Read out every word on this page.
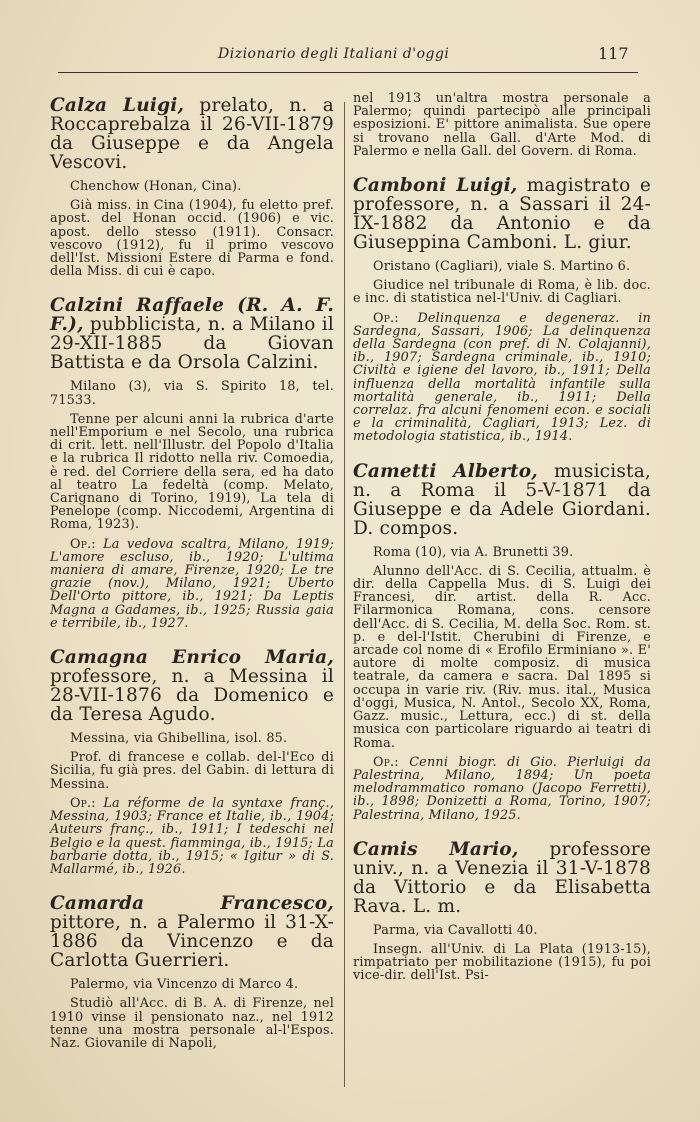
Dizionario degli Italiani d'oggi	117

Calza Luigi, prelato, n. a Roccaprebalza il 26-VII-1879 da Giuseppe e da Angela Vescovi.

Chenchow (Honan, Cina).

Già miss. in Cina (1904), fu eletto pref. apost. del Honan occid. (1906) e vic. apost. dello stesso (1911). Consacr. vescovo (1912), fu il primo vescovo dell'Ist. Missioni Estere di Parma e fond. della Miss. di cui è capo.

Calzini Raffaele (R. A. F. F.), pubblicista, n. a Milano il 29-XII-1885 da Giovan Battista e da Orsola Calzini.

Milano (3), via S. Spirito 18, tel. 71533.

Tenne per alcuni anni la rubrica d'arte nell'Emporium e nel Secolo, una rubrica di crit. lett. nell'Illustr. del Popolo d'Italia e la rubrica Il ridotto nella riv. Comoedia, è red. del Corriere della sera, ed ha dato al teatro La fedeltà (comp. Melato, Carignano di Torino, 1919), La tela di Penelope (comp. Niccodemi, Argentina di Roma, 1923).

Op.: La vedova scaltra, Milano, 1919; L'amore escluso, ib., 1920; L'ultima maniera di amare, Firenze, 1920; Le tre grazie (nov.), Milano, 1921; Uberto Dell'Orto pittore, ib., 1921; Da Leptis Magna a Gadames, ib., 1925; Russia gaia e terribile, ib., 1927.

Camagna Enrico Maria, professore, n. a Messina il 28-VII-1876 da Domenico e da Teresa Agudo.

Messina, via Ghibellina, isol. 85.

Prof. di francese e collab. del-l'Eco di Sicilia, fu già pres. del Gabin. di lettura di Messina.

Op.: La réforme de la syntaxe franç., Messina, 1903; France et Italie, ib., 1904; Auteurs franç., ib., 1911; I tedeschi nel Belgio e la quest. fiamminga, ib., 1915; La barbarie dotta, ib., 1915; « Igitur » di S. Mallarmé, ib., 1926.

Camarda Francesco, pittore, n. a Palermo il 31-X-1886 da Vincenzo e da Carlotta Guerrieri.

Palermo, via Vincenzo di Marco 4.

Studiò all'Acc. di B. A. di Firenze, nel 1910 vinse il pensionato naz., nel 1912 tenne una mostra personale al-l'Espos. Naz. Giovanile di Napoli,

nel 1913 un'altra mostra personale a Palermo; quindi partecipò alle principali esposizioni. E' pittore animalista. Sue opere si trovano nella Gall. d'Arte Mod. di Palermo e nella Gall. del Govern. di Roma.

Camboni Luigi, magistrato e professore, n. a Sassari il 24-IX-1882 da Antonio e da Giuseppina Camboni. L. giur.

Oristano (Cagliari), viale S. Martino 6.

Giudice nel tribunale di Roma, è lib. doc. e inc. di statistica nel-l'Univ. di Cagliari.

Op.: Delinquenza e degeneraz. in Sardegna, Sassari, 1906; La delinquenza della Sardegna (con pref. di N. Colajanni), ib., 1907; Sardegna criminale, ib., 1910; Civiltà e igiene del lavoro, ib., 1911; Della influenza della mortalità infantile sulla mortalità generale, ib., 1911; Della correlaz. fra alcuni fenomeni econ. e sociali e la criminalità, Cagliari, 1913; Lez. di metodologia statistica, ib., 1914.

Cametti Alberto, musicista, n. a Roma il 5-V-1871 da Giuseppe e da Adele Giordani. D. compos.

Roma (10), via A. Brunetti 39.

Alunno dell'Acc. di S. Cecilia, attualm. è dir. della Cappella Mus. di S. Luigi dei Francesi, dir. artist. della R. Acc. Filarmonica Romana, cons. censore dell'Acc. di S. Cecilia, M. della Soc. Rom. st. p. e del-l'Istit. Cherubini di Firenze, e arcade col nome di « Erofilo Erminiano ». E' autore di molte composiz. di musica teatrale, da camera e sacra. Dal 1895 si occupa in varie riv. (Riv. mus. ital., Musica d'oggi, Musica, N. Antol., Secolo XX, Roma, Gazz. music., Lettura, ecc.) di st. della musica con particolare riguardo ai teatri di Roma.

Op.: Cenni biogr. di Gio. Pierluigi da Palestrina, Milano, 1894; Un poeta melodrammatico romano (Jacopo Ferretti), ib., 1898; Donizetti a Roma, Torino, 1907; Palestrina, Milano, 1925.

Camis Mario, professore univ., n. a Venezia il 31-V-1878 da Vittorio e da Elisabetta Rava. L. m.

Parma, via Cavallotti 40.

Insegn. all'Univ. di La Plata (1913-15), rimpatriato per mobilitazione (1915), fu poi vice-dir. dell'Ist. Psi-
